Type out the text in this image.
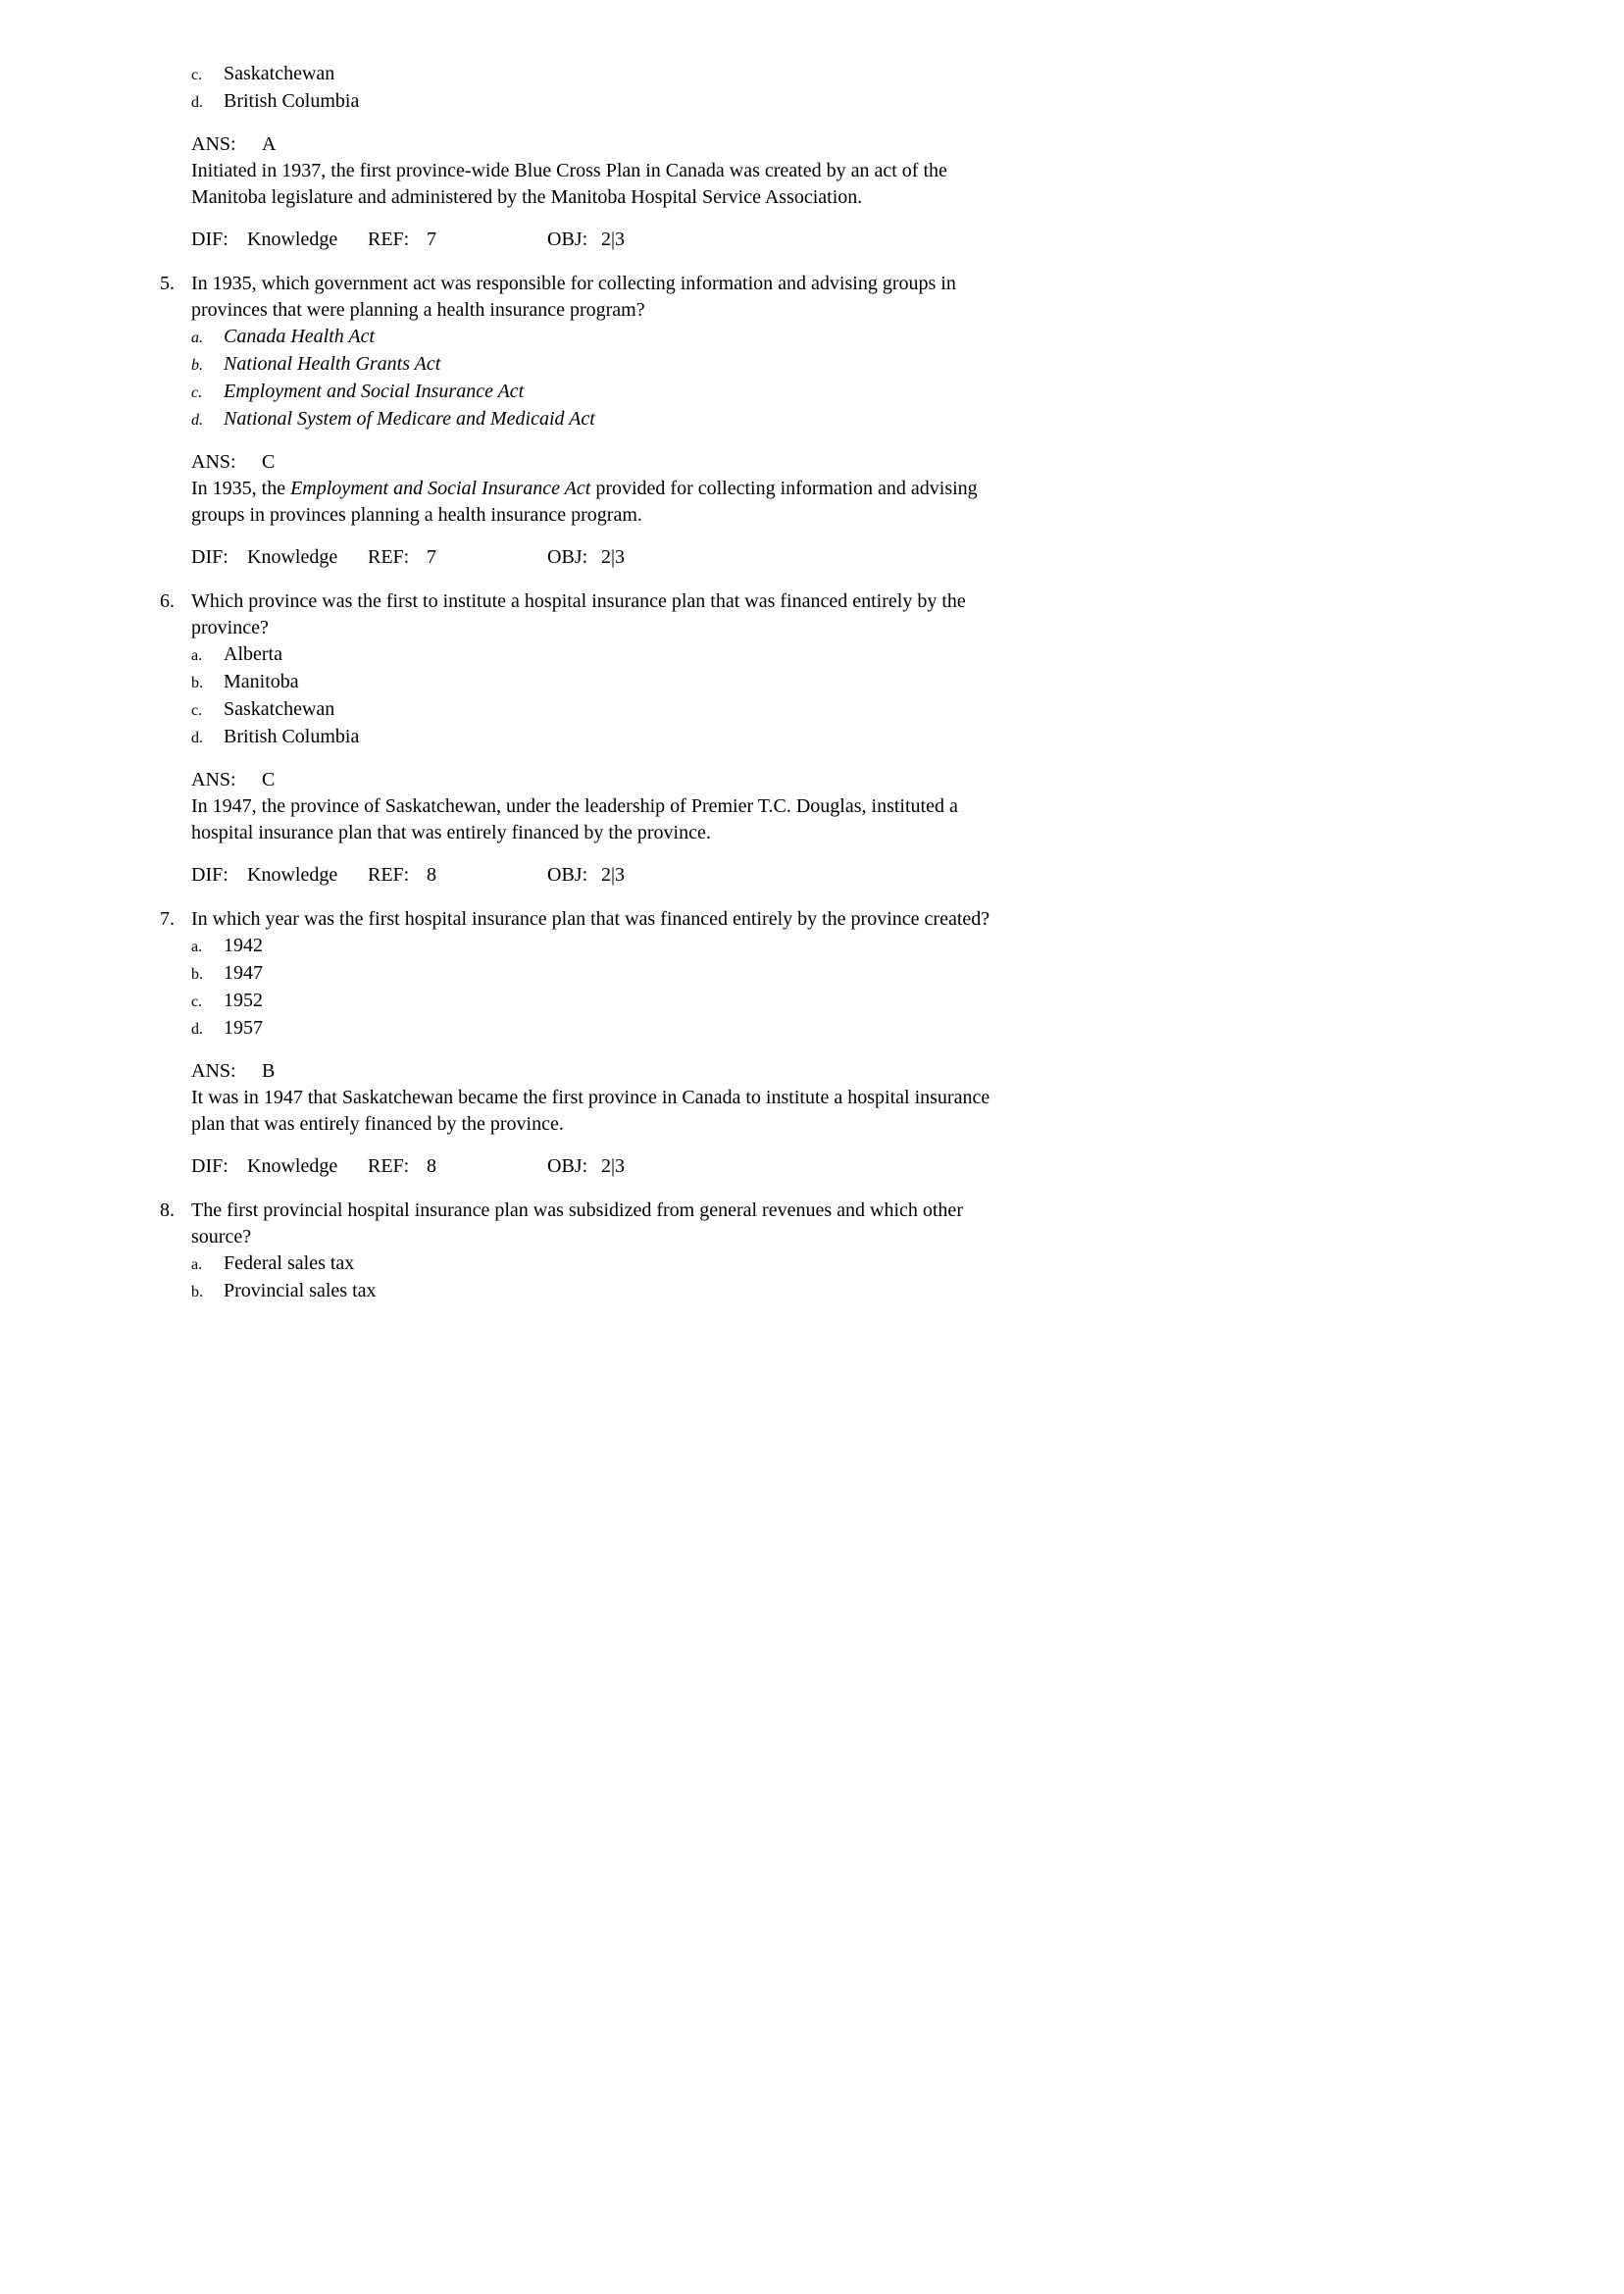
c.	Saskatchewan
d.	British Columbia
ANS:	A
Initiated in 1937, the first province-wide Blue Cross Plan in Canada was created by an act of the Manitoba legislature and administered by the Manitoba Hospital Service Association.
DIF: Knowledge	REF: 7	OBJ: 2|3
5. In 1935, which government act was responsible for collecting information and advising groups in provinces that were planning a health insurance program?
a.	Canada Health Act
b.	National Health Grants Act
c.	Employment and Social Insurance Act
d.	National System of Medicare and Medicaid Act
ANS:	C
In 1935, the Employment and Social Insurance Act provided for collecting information and advising groups in provinces planning a health insurance program.
DIF: Knowledge	REF: 7	OBJ: 2|3
6. Which province was the first to institute a hospital insurance plan that was financed entirely by the province?
a.	Alberta
b.	Manitoba
c.	Saskatchewan
d.	British Columbia
ANS:	C
In 1947, the province of Saskatchewan, under the leadership of Premier T.C. Douglas, instituted a hospital insurance plan that was entirely financed by the province.
DIF: Knowledge	REF: 8	OBJ: 2|3
7. In which year was the first hospital insurance plan that was financed entirely by the province created?
a.	1942
b.	1947
c.	1952
d.	1957
ANS:	B
It was in 1947 that Saskatchewan became the first province in Canada to institute a hospital insurance plan that was entirely financed by the province.
DIF: Knowledge	REF: 8	OBJ: 2|3
8. The first provincial hospital insurance plan was subsidized from general revenues and which other source?
a.	Federal sales tax
b.	Provincial sales tax
